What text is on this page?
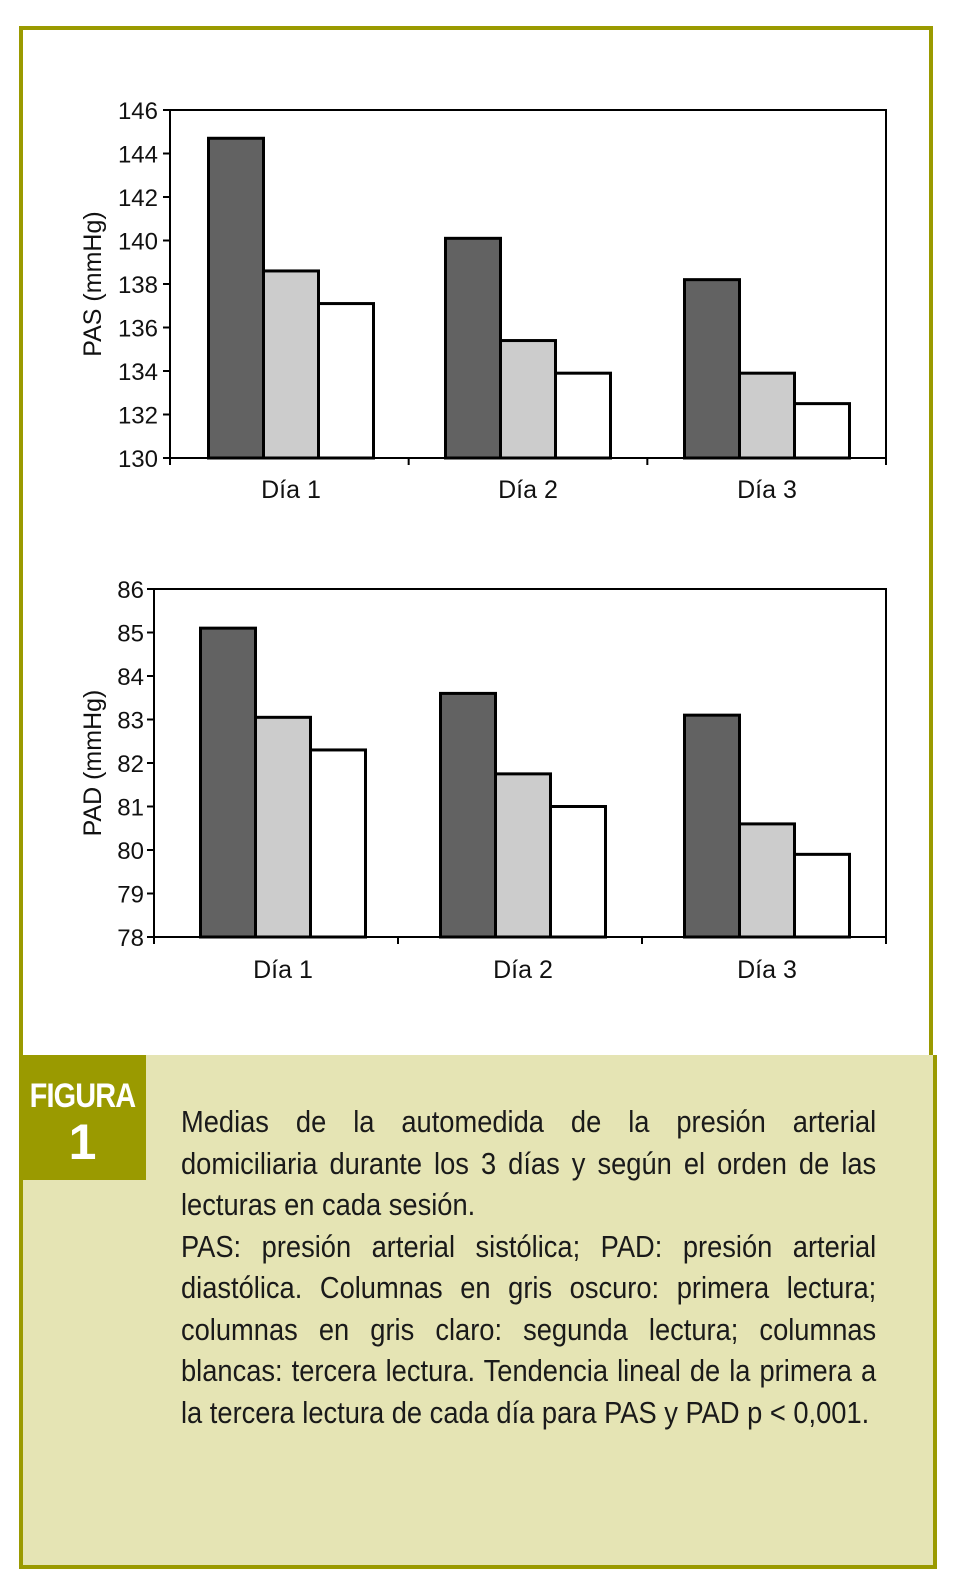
130
132
134
136
138
140
142
144
146
Día 1	Día 2	Día 3
PAS (mmHg)
78
79
80
81
82
83
84
85
86
Día 1	Día 2	Día 3
PAD (mmHg)
FIGURA
1	Medias de la automedida de la presión arterial domiciliaria durante los 3 días y según el orden de las lecturas en cada sesión.

PAS: presión arterial sistólica; PAD: presión arterial diastólica. Columnas en gris oscuro: primera lectura; columnas en gris claro: segunda lectura; columnas blancas: tercera lectura. Tendencia lineal de la primera a la tercera lectura de cada día para PAS y PAD p < 0,001.
